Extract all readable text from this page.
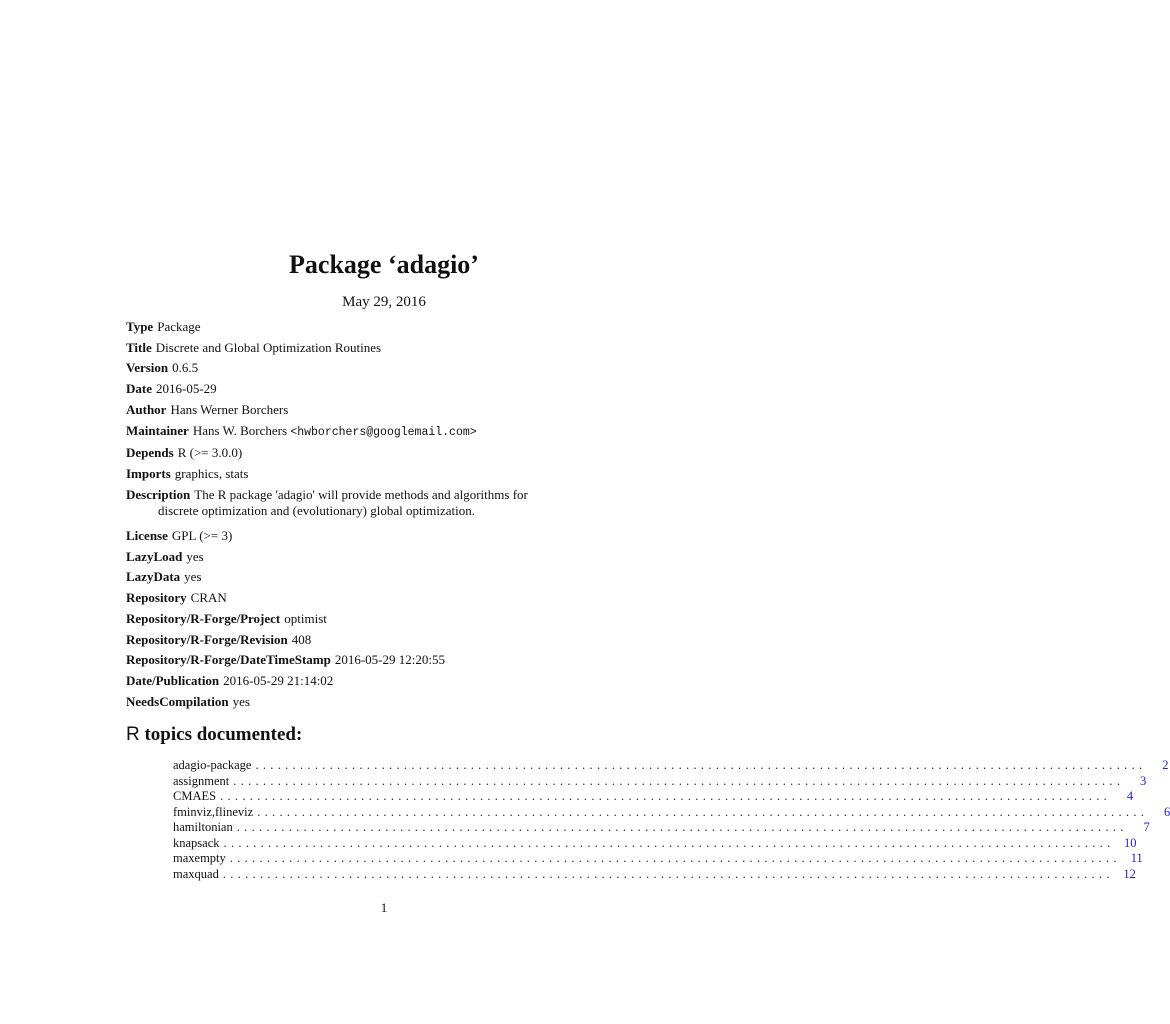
Package ‘adagio’
May 29, 2016
Type Package
Title Discrete and Global Optimization Routines
Version 0.6.5
Date 2016-05-29
Author Hans Werner Borchers
Maintainer Hans W. Borchers <hwborchers@googlemail.com>
Depends R (>= 3.0.0)
Imports graphics, stats
Description The R package 'adagio' will provide methods and algorithms for
discrete optimization and (evolutionary) global optimization.
License GPL (>= 3)
LazyLoad yes
LazyData yes
Repository CRAN
Repository/R-Forge/Project optimist
Repository/R-Forge/Revision 408
Repository/R-Forge/DateTimeStamp 2016-05-29 12:20:55
Date/Publication 2016-05-29 21:14:02
NeedsCompilation yes
R topics documented:
adagio-package ........................................................................................................................	2
assignment ........................................................................................................................	3
CMAES ........................................................................................................................	4
fminviz,flineviz ........................................................................................................................	6
hamiltonian ........................................................................................................................	7
knapsack ........................................................................................................................ 10
maxempty ........................................................................................................................ 11
maxquad ........................................................................................................................ 12
1
